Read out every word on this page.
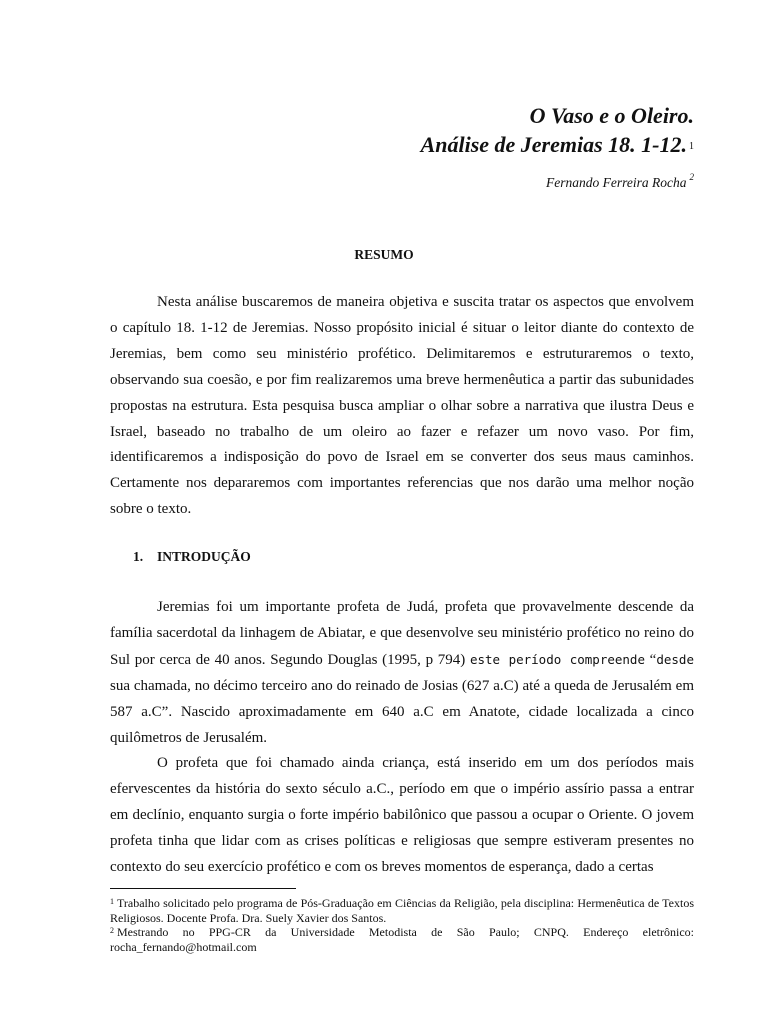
O Vaso e o Oleiro.
Análise de Jeremias 18. 1-12. $^1$
Fernando Ferreira Rocha $^2$
RESUMO

Nesta análise buscaremos de maneira objetiva e suscita tratar os aspectos que envolvem o capítulo 18. 1-12 de Jeremias. Nosso propósito inicial é situar o leitor diante do contexto de Jeremias, bem como seu ministério profético. Delimitaremos e estruturaremos o texto, observando sua coesão, e por fim realizaremos uma breve hermenêutica a partir das subunidades propostas na estrutura. Esta pesquisa busca ampliar o olhar sobre a narrativa que ilustra Deus e Israel, baseado no trabalho de um oleiro ao fazer e refazer um novo vaso. Por fim, identificaremos a indisposição do povo de Israel em se converter dos seus maus caminhos. Certamente nos depararemos com importantes referencias que nos darão uma melhor noção sobre o texto.

1. INTRODUÇÃO

Jeremias foi um importante profeta de Judá, profeta que provavelmente descende da família sacerdotal da linhagem de Abiatar, e que desenvolve seu ministério profético no reino do Sul por cerca de 40 anos. Segundo Douglas (1995, p 794) este período compreende “desde sua chamada, no décimo terceiro ano do reinado de Josias (627 a.C) até a queda de Jerusalém em 587 a.C”. Nascido aproximadamente em 640 a.C em Anatote, cidade localizada a cinco quilômetros de Jerusalém.

O profeta que foi chamado ainda criança, está inserido em um dos períodos mais efervescentes da história do sexto século a.C., período em que o império assírio passa a entrar em declínio, enquanto surgia o forte império babilônico que passou a ocupar o Oriente. O jovem profeta tinha que lidar com as crises políticas e religiosas que sempre estiveram presentes no contexto do seu exercício profético e com os breves momentos de esperança, dado a certas

$^1$ Trabalho solicitado pelo programa de Pós-Graduação em Ciências da Religião, pela disciplina: Hermenêutica de Textos Religiosos. Docente Profa. Dra. Suely Xavier dos Santos.
$^2$ Mestrando no PPG-CR da Universidade Metodista de São Paulo; CNPQ. Endereço eletrônico: rocha_fernando@hotmail.com
